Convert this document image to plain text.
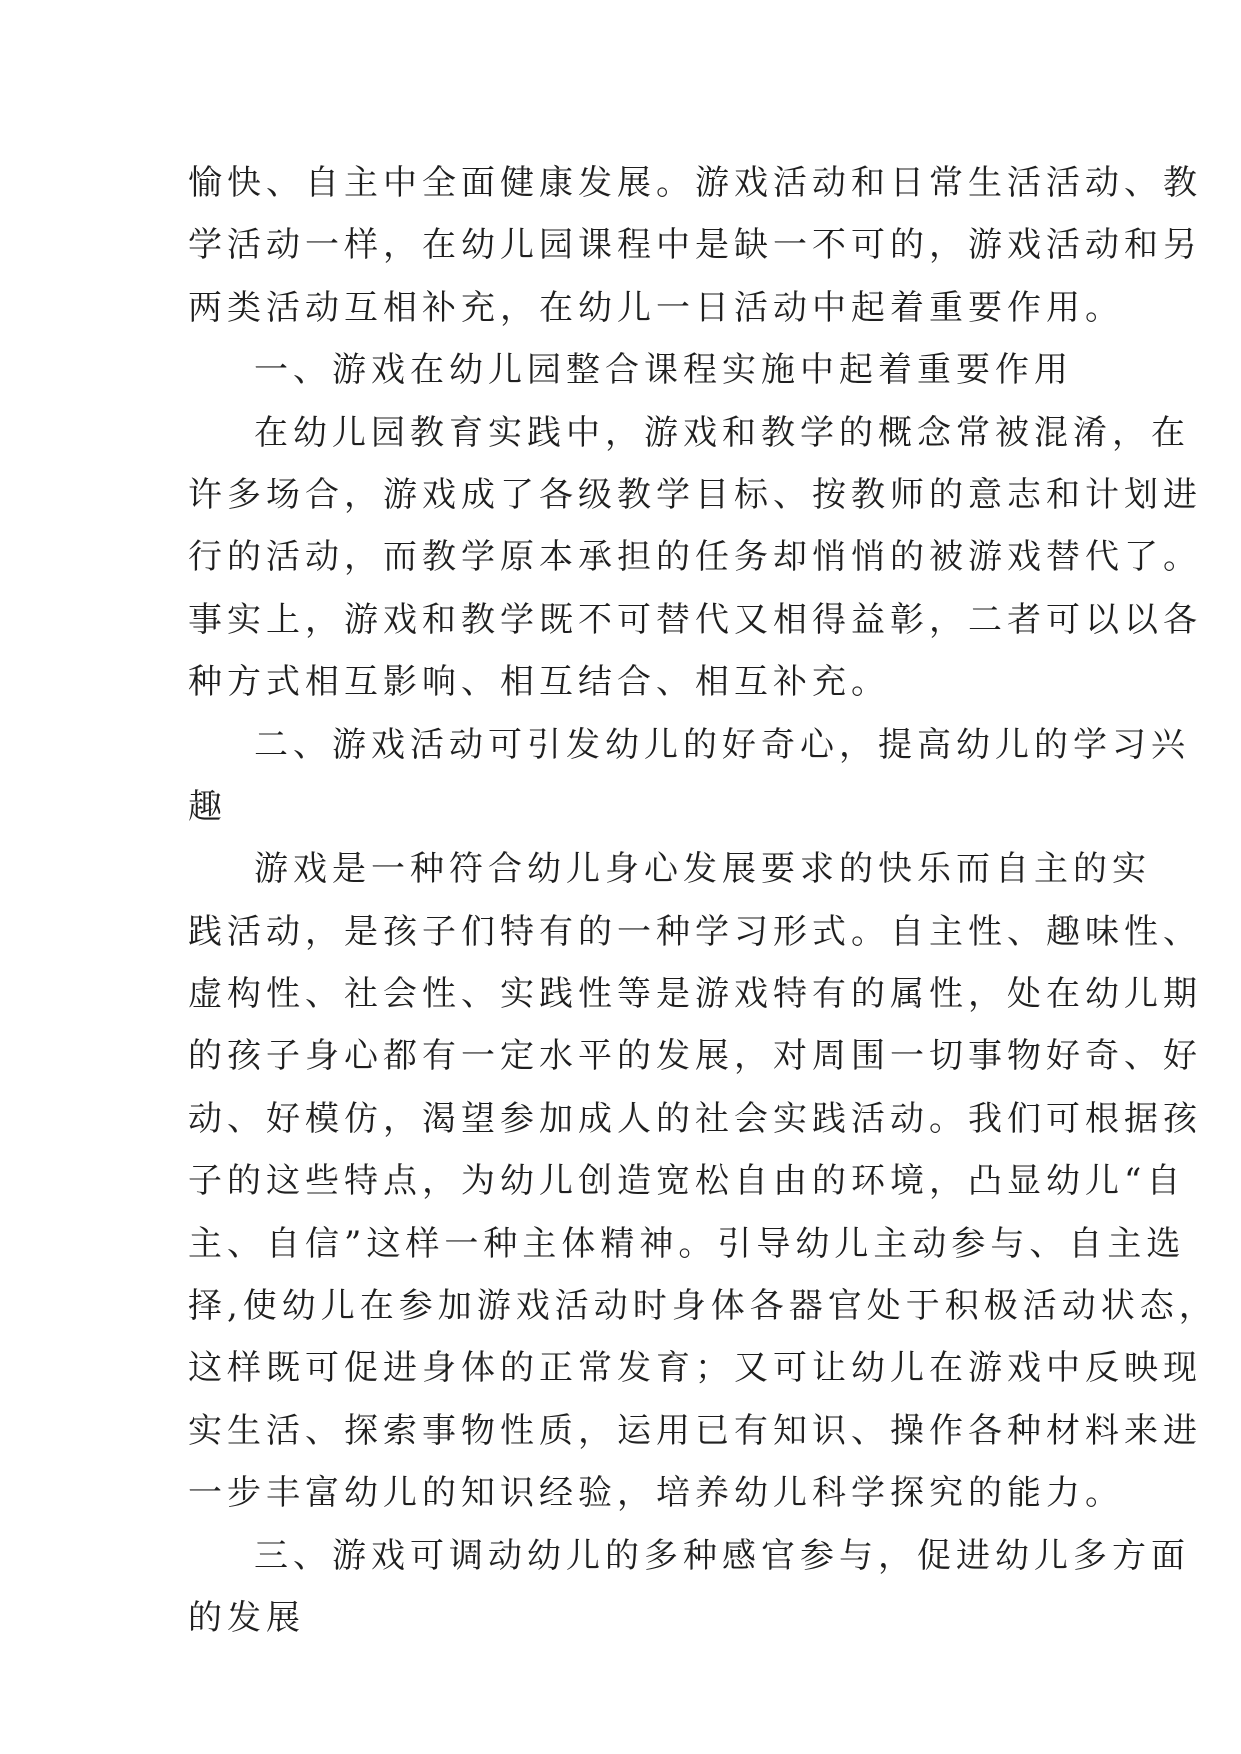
愉快、自主中全面健康发展。游戏活动和日常生活活动、教
学活动一样，在幼儿园课程中是缺一不可的，游戏活动和另
两类活动互相补充，在幼儿一日活动中起着重要作用。
一、游戏在幼儿园整合课程实施中起着重要作用
在幼儿园教育实践中，游戏和教学的概念常被混淆，在
许多场合，游戏成了各级教学目标、按教师的意志和计划进
行的活动，而教学原本承担的任务却悄悄的被游戏替代了。
事实上，游戏和教学既不可替代又相得益彰，二者可以以各
种方式相互影响、相互结合、相互补充。
二、游戏活动可引发幼儿的好奇心，提高幼儿的学习兴
趣
游戏是一种符合幼儿身心发展要求的快乐而自主的实
践活动，是孩子们特有的一种学习形式。自主性、趣味性、
虚构性、社会性、实践性等是游戏特有的属性，处在幼儿期
的孩子身心都有一定水平的发展，对周围一切事物好奇、好
动、好模仿，渴望参加成人的社会实践活动。我们可根据孩
子的这些特点，为幼儿创造宽松自由的环境，凸显幼儿“自
主、自信”这样一种主体精神。引导幼儿主动参与、自主选
择,使幼儿在参加游戏活动时身体各器官处于积极活动状态，
这样既可促进身体的正常发育；又可让幼儿在游戏中反映现
实生活、探索事物性质，运用已有知识、操作各种材料来进
一步丰富幼儿的知识经验，培养幼儿科学探究的能力。
三、游戏可调动幼儿的多种感官参与，促进幼儿多方面
的发展
